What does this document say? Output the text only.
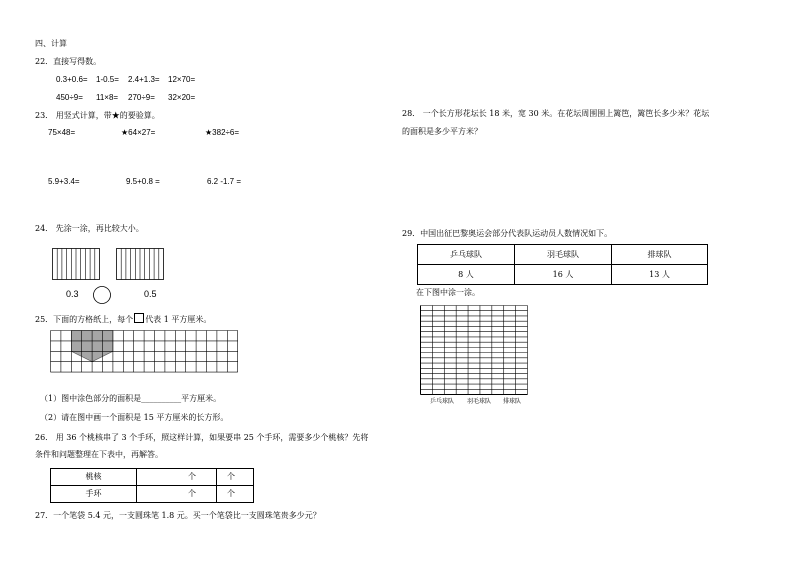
四、计算
22．直接写得数。
0.3+0.6= 1-0.5= 2.4+1.3= 12×70=
450÷9= 11×8= 270÷9= 32×20=
23． 用竖式计算，带★的要验算。
75×48=	★64×27=	★382÷6=
5.9+3.4=	9.5+0.8 =	6.2 -1.7 =
24． 先涂一涂，再比较大小。
0.3	0.5
25．下面的方格纸上，每个 代表 1 平方厘米。
（1）图中涂色部分的面积是__________平方厘米。
（2）请在图中画一个面积是 15 平方厘米的长方形。
26． 用 36 个桃核串了 3 个手环，照这样计算，如果要串 25 个手环，需要多少个桃核？先将
条件和问题整理在下表中，再解答。
桃核	个	个
手环	个	个
27．一个笔袋 5.4 元，一支圆珠笔 1.8 元。买一个笔袋比一支圆珠笔贵多少元？
28． 一个长方形花坛长 18 米，宽 30 米。在花坛周围围上篱笆，篱笆长多少米？花坛
的面积是多少平方米？
29．中国出征巴黎奥运会部分代表队运动员人数情况如下。
乒乓球队	羽毛球队	排球队
8 人	16 人	13 人
在下图中涂一涂。
乒乓球队 羽毛球队 排球队
